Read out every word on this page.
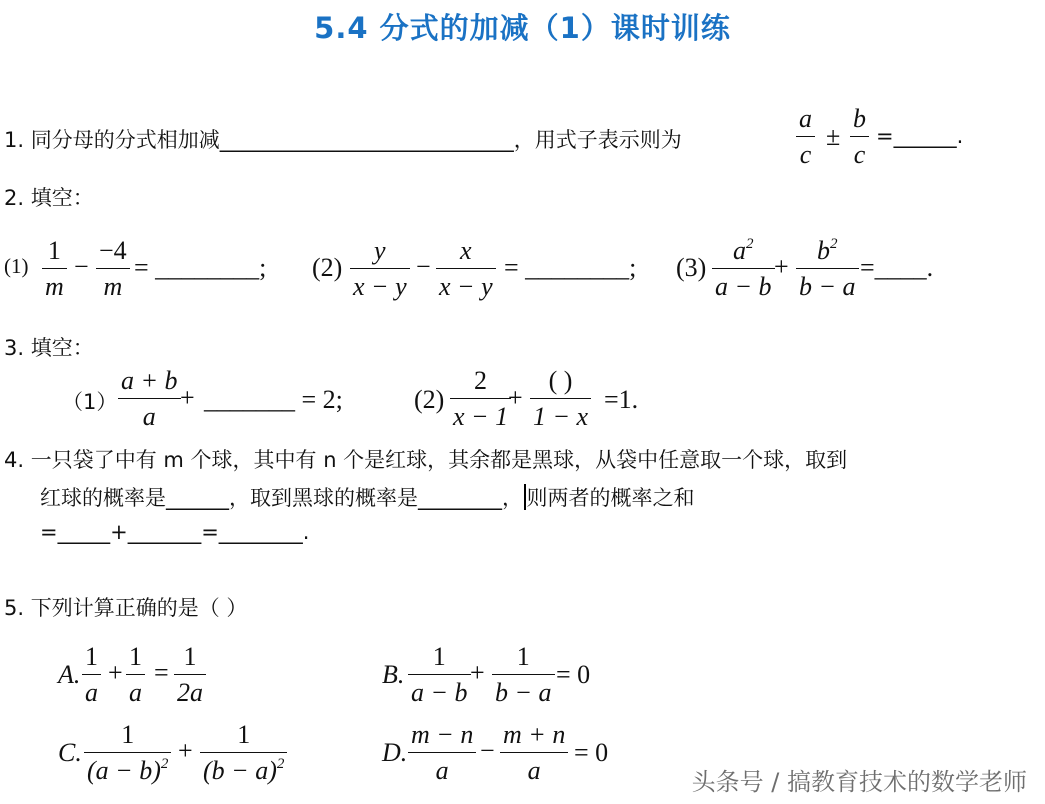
5.4 分式的加减（1）课时训练
1. 同分母的分式相加减____________________________，用式子表示则为	$\frac{a}{c} \pm \frac{b}{c}$ =______.
2. 填空：
$(1) \frac{1}{m} - \frac{-4}{m}$ = ________; $(2) \frac{y}{x - y} - \frac{x}{x - y}$ = ________; $(3) \frac{a^2}{a - b} + \frac{b^2}{b - a}$ =____.
3. 填空：
$(1) \frac{a + b}{a}$ + _______ = 2;	$(2) \frac{2}{x - 1}$
+
( )
1 − x
=1.
4. 一只袋了中有 m 个球，其中有 n 个是红球，其余都是黑球，从袋中任意取一个球，取到
红球的概率是______，取到黑球的概率是________， 则两者的概率之和
=_____+_______=________.
5. 下列计算正确的是（ ）
A. $\frac{1}{a} + \frac{1}{a} = \frac{1}{2a}$	B. $\frac{1}{a - b} + \frac{1}{b - a} = 0$
C. $\frac{1}{(a - b)^2} + \frac{1}{(b - a)^2}$	D. $\frac{m - n}{a} - \frac{m + n}{a} = 0$
头条号 / 搞教育技术的数学老师
